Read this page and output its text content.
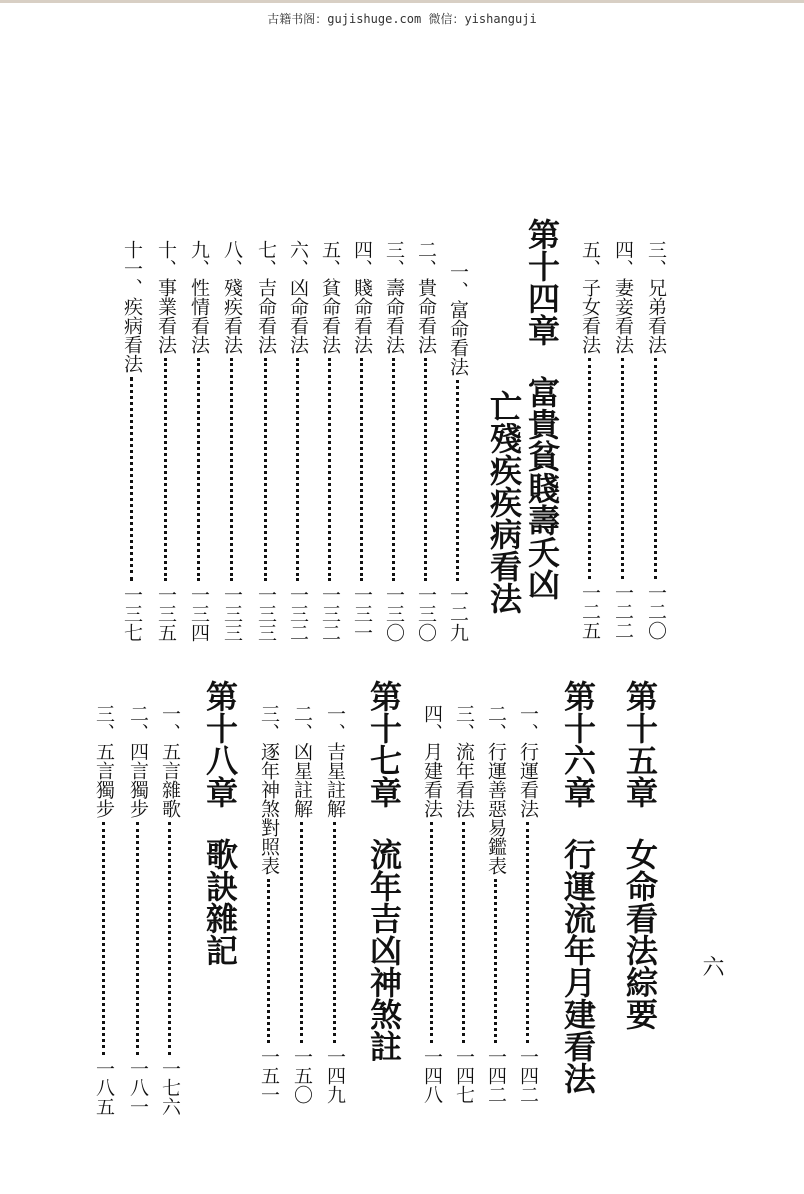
古籍书阁：gujishuge.com 微信：yishanguji
三、兄弟看法
一二〇
四、妻妾看法
一二二
五、子女看法
一二五
第十四章富貴貧賤壽夭凶
亡殘疾疾病看法
一、富命看法
一二九
二、貴命看法
一三〇
三、壽命看法
一三〇
四、賤命看法
一三一
五、貧命看法
一三二
六、凶命看法
一三二
七、吉命看法
一三三
八、殘疾看法
一三三
九、性情看法
一三四
十、事業看法
一三五
十一、疾病看法
一三七
第十五章女命看法綜要
第十六章行運流年月建看法
一、行運看法
一四二
二、行運善惡易鑑表
一四二
三、流年看法
一四七
四、月建看法
一四八
第十七章流年吉凶神煞註
一、吉星註解
一四九
二、凶星註解
一五〇
三、逐年神煞對照表
一五一
第十八章歌訣雜記
一、五言雜歌
一七六
二、四言獨步
一八一
三、五言獨步
一八五
六
